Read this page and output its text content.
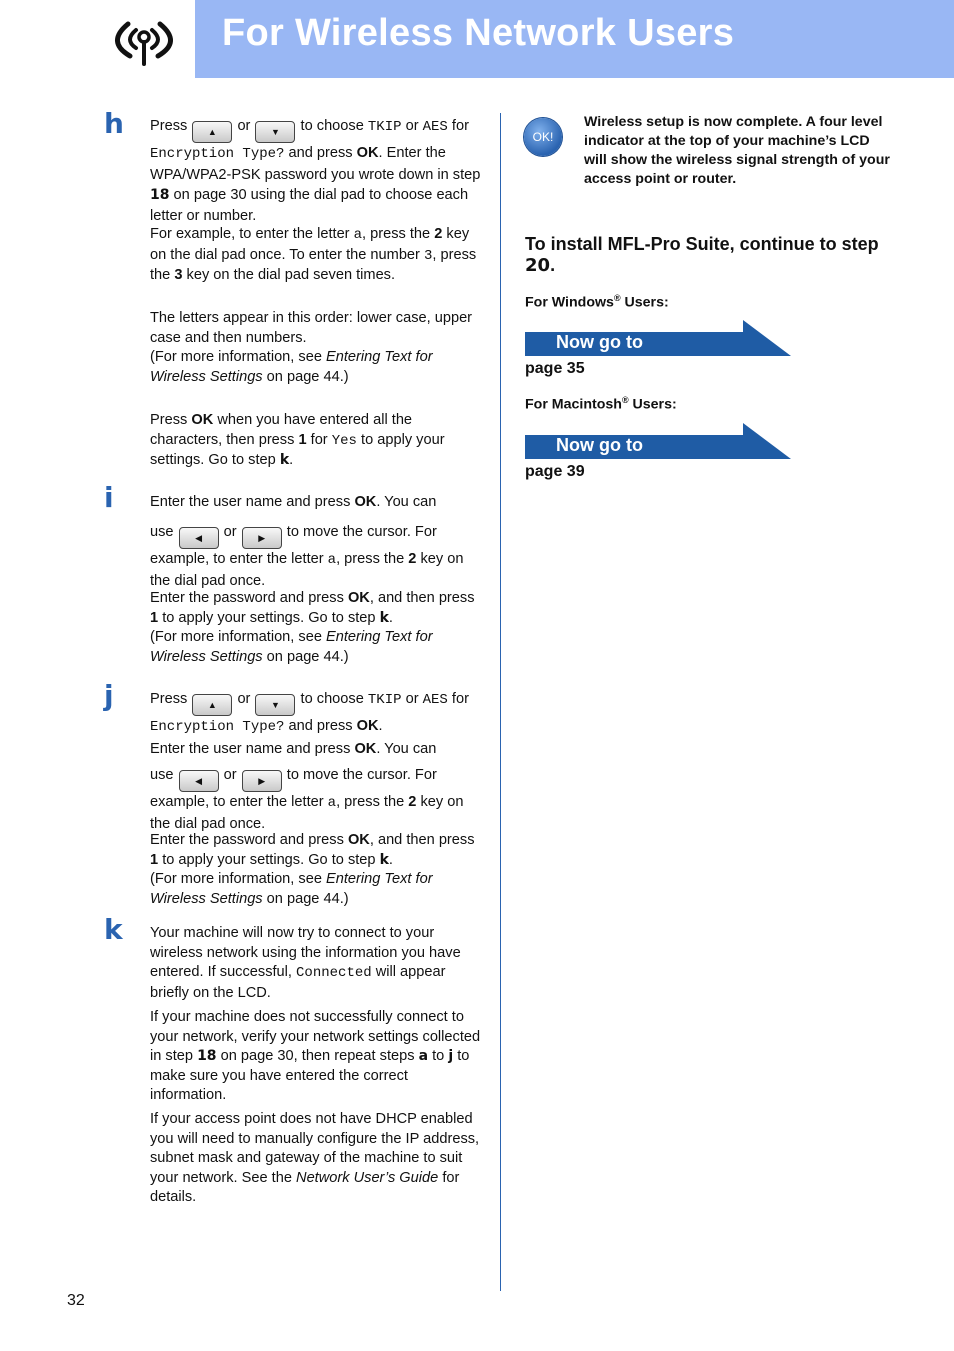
For Wireless Network Users
h Press ▲ or ▼ to choose TKIP or AES for Encryption Type? and press OK. Enter the WPA/WPA2-PSK password you wrote down in step 18 on page 30 using the dial pad to choose each letter or number.
For example, to enter the letter a, press the 2 key on the dial pad once. To enter the number 3, press the 3 key on the dial pad seven times.
The letters appear in this order: lower case, upper case and then numbers.
(For more information, see Entering Text for Wireless Settings on page 44.)
Press OK when you have entered all the characters, then press 1 for Yes to apply your settings. Go to step k.
i Enter the user name and press OK. You can
use ◀ or ▶ to move the cursor. For example, to enter the letter a, press the 2 key on the dial pad once.
Enter the password and press OK, and then press 1 to apply your settings. Go to step k.
(For more information, see Entering Text for Wireless Settings on page 44.)
j Press ▲ or ▼ to choose TKIP or AES for Encryption Type? and press OK.
Enter the user name and press OK. You can
use ◀ or ▶ to move the cursor. For example, to enter the letter a, press the 2 key on the dial pad once.
Enter the password and press OK, and then press 1 to apply your settings. Go to step k.
(For more information, see Entering Text for Wireless Settings on page 44.)
k Your machine will now try to connect to your wireless network using the information you have entered. If successful, Connected will appear briefly on the LCD.
If your machine does not successfully connect to your network, verify your network settings collected in step 18 on page 30, then repeat steps a to j to make sure you have entered the correct information.
If your access point does not have DHCP enabled you will need to manually configure the IP address, subnet mask and gateway of the machine to suit your network. See the Network User’s Guide for details.
OK!
Wireless setup is now complete. A four level indicator at the top of your machine’s LCD will show the wireless signal strength of your access point or router.
To install MFL-Pro Suite, continue to step 20.
For Windows® Users:
Now go to
page 35
For Macintosh® Users:
Now go to
page 39
32
